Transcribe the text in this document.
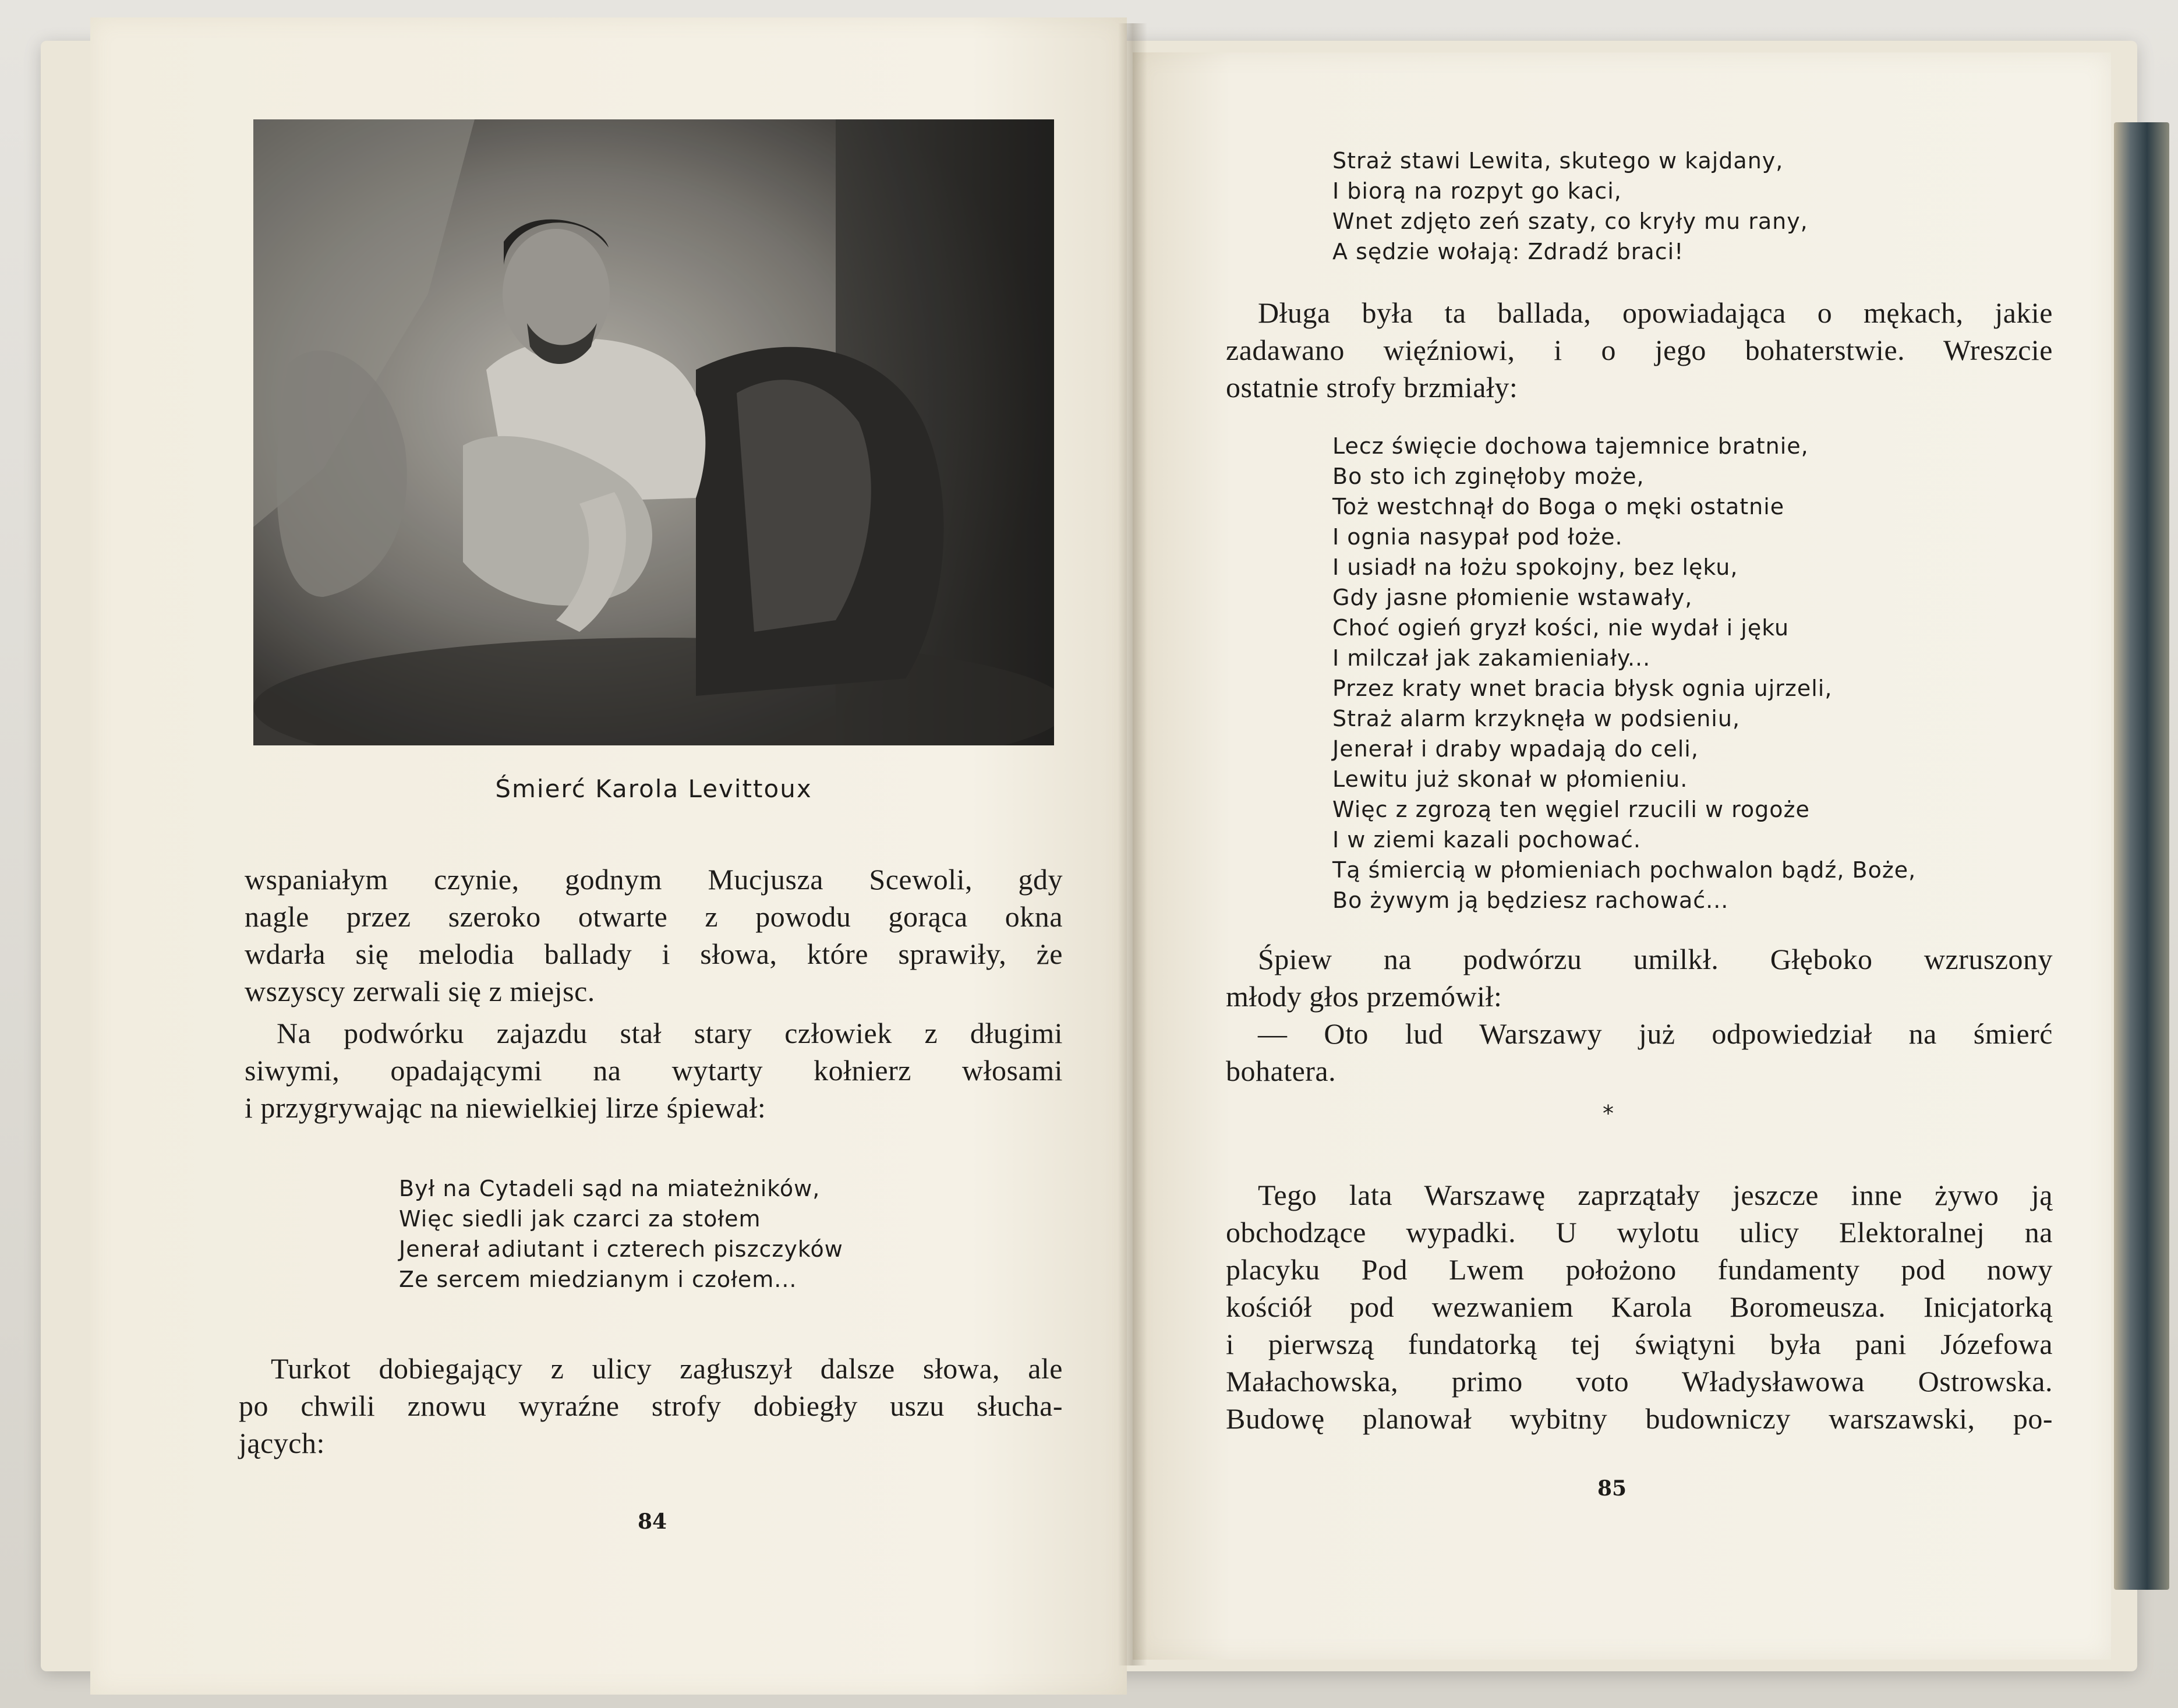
Śmierć Karola Levittoux

wspaniałym czynie, godnym Mucjusza Scewoli, gdy

nagle przez szeroko otwarte z powodu gorąca okna

wdarła się melodia ballady i słowa, które sprawiły, że

wszyscy zerwali się z miejsc.

Na podwórku zajazdu stał stary człowiek z długimi

siwymi, opadającymi na wytarty kołnierz włosami

i przygrywając na niewielkiej lirze śpiewał:

Był na Cytadeli sąd na miateżników,
Więc siedli jak czarci za stołem
Jenerał adiutant i czterech piszczyków
Ze sercem miedzianym i czołem...

Turkot dobiegający z ulicy zagłuszył dalsze słowa, ale

po chwili znowu wyraźne strofy dobiegły uszu słucha-

jących:

84
Straż stawi Lewita, skutego w kajdany,
I biorą na rozpyt go kaci,
Wnet zdjęto zeń szaty, co kryły mu rany,
A sędzie wołają: Zdradź braci!

Długa była ta ballada, opowiadająca o mękach, jakie

zadawano więźniowi, i o jego bohaterstwie. Wreszcie

ostatnie strofy brzmiały:

Lecz święcie dochowa tajemnice bratnie,
Bo sto ich zginęłoby może,
Toż westchnął do Boga o męki ostatnie
I ognia nasypał pod łoże.
I usiadł na łożu spokojny, bez lęku,
Gdy jasne płomienie wstawały,
Choć ogień gryzł kości, nie wydał i jęku
I milczał jak zakamieniały...
Przez kraty wnet bracia błysk ognia ujrzeli,
Straż alarm krzyknęła w podsieniu,
Jenerał i draby wpadają do celi,
Lewitu już skonał w płomieniu.
Więc z zgrozą ten węgiel rzucili w rogoże
I w ziemi kazali pochować.
Tą śmiercią w płomieniach pochwalon bądź, Boże,
Bo żywym ją będziesz rachować...

Śpiew na podwórzu umilkł. Głęboko wzruszony

młody głos przemówił:

— Oto lud Warszawy już odpowiedział na śmierć

bohatera.

*

Tego lata Warszawę zaprzątały jeszcze inne żywo ją

obchodzące wypadki. U wylotu ulicy Elektoralnej na

placyku Pod Lwem położono fundamenty pod nowy

kościół pod wezwaniem Karola Boromeusza. Inicjatorką

i pierwszą fundatorką tej świątyni była pani Józefowa

Małachowska, primo voto Władysławowa Ostrowska.

Budowę planował wybitny budowniczy warszawski, po-

85
